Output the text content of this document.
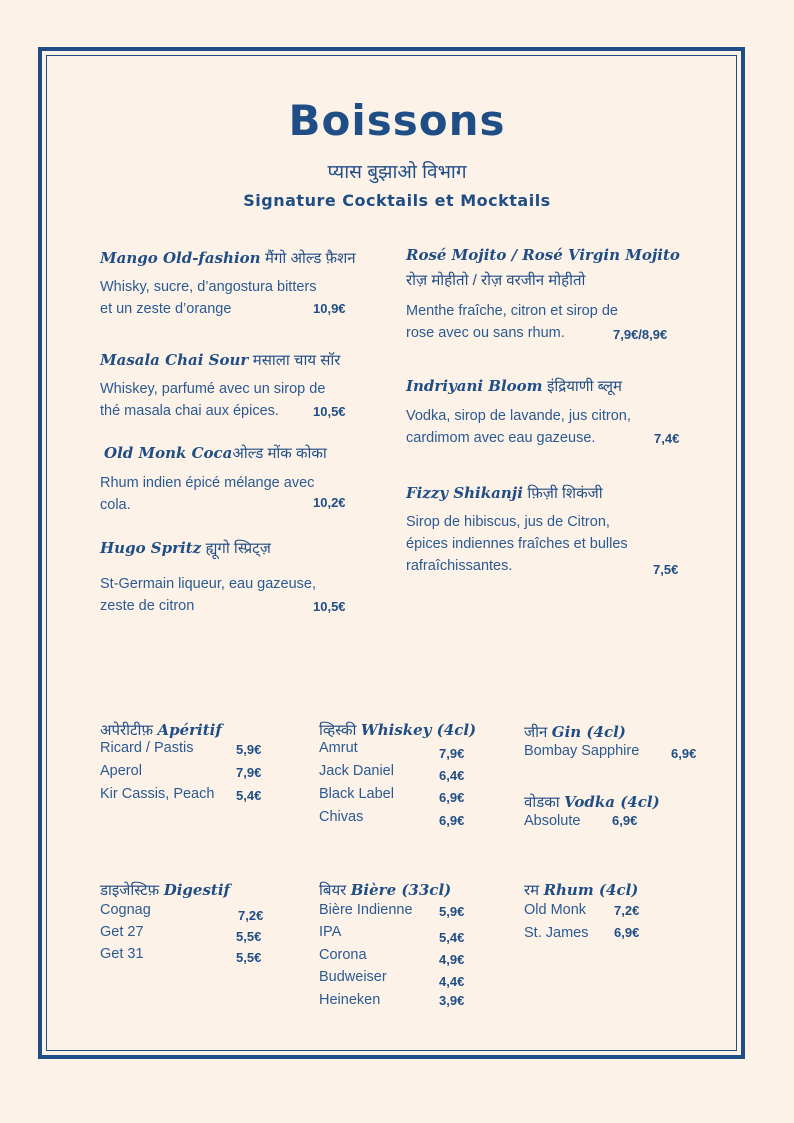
Boissons
प्यास बुझाओ विभाग
Signature Cocktails et Mocktails
Mango Old-fashion मैंगो ओल्ड फ़ैशन
Whisky, sucre, d’angostura bitters
et un zeste d’orange	10,9€
Masala Chai Sour मसाला चाय सॉर
Whiskey, parfumé avec un sirop de
thé masala chai aux épices.	10,5€
Old Monk Cocaओल्ड मोंक कोका
Rhum indien épicé mélange avec
cola.	10,2€
Hugo Spritz ह्यूगो स्प्रिट्ज़
St-Germain liqueur, eau gazeuse,
zeste de citron	10,5€
Rosé Mojito / Rosé Virgin Mojito
रोज़ मोहीतो / रोज़ वरजीन मोहीतो
Menthe fraîche, citron et sirop de
rose avec ou sans rhum.	7,9€/8,9€
Indriyani Bloom इंद्रियाणी ब्लूम
Vodka, sirop de lavande, jus citron,
cardimom avec eau gazeuse.	7,4€
Fizzy Shikanji फ़िज़ी शिकंजी
Sirop de hibiscus, jus de Citron,
épices indiennes fraîches et bulles
rafraîchissantes.	7,5€
अपेरीटीफ़ Apéritif
Ricard / Pastis	5,9€
Aperol	7,9€
Kir Cassis, Peach 5,4€
व्हिस्की Whiskey (4cl)
Amrut	7,9€
Jack Daniel	6,4€
Black Label	6,9€
Chivas	6,9€
जीन Gin (4cl)
Bombay Sapphire 6,9€
वोडका Vodka (4cl)
Absolute 6,9€
डाइजेस्टिफ़ Digestif
Cognag	7,2€
Get 27	5,5€
Get 31	5,5€
बियर Bière (33cl)
Bière Indienne 5,9€
IPA	5,4€
Corona	4,9€
Budweiser	4,4€
Heineken	3,9€
रम Rhum (4cl)
Old Monk 7,2€
St. James 6,9€
